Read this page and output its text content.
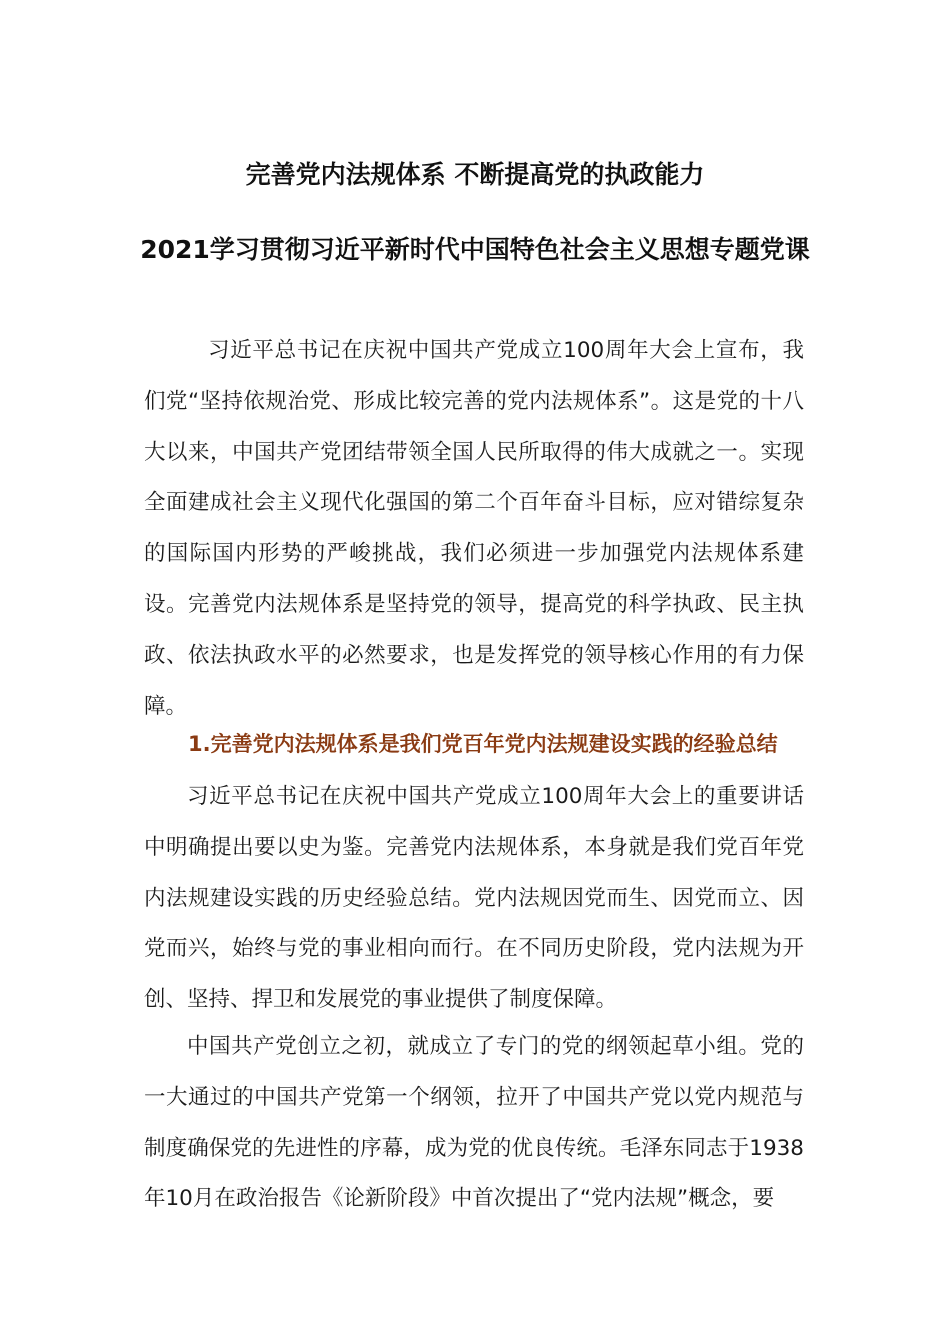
完善党内法规体系 不断提高党的执政能力
2021学习贯彻习近平新时代中国特色社会主义思想专题党课
习近平总书记在庆祝中国共产党成立100周年大会上宣布，我们党“坚持依规治党、形成比较完善的党内法规体系”。这是党的十八大以来，中国共产党团结带领全国人民所取得的伟大成就之一。实现全面建成社会主义现代化强国的第二个百年奋斗目标，应对错综复杂的国际国内形势的严峻挑战，我们必须进一步加强党内法规体系建设。完善党内法规体系是坚持党的领导，提高党的科学执政、民主执政、依法执政水平的必然要求，也是发挥党的领导核心作用的有力保障。
1.完善党内法规体系是我们党百年党内法规建设实践的经验总结
习近平总书记在庆祝中国共产党成立100周年大会上的重要讲话中明确提出要以史为鉴。完善党内法规体系，本身就是我们党百年党内法规建设实践的历史经验总结。党内法规因党而生、因党而立、因党而兴，始终与党的事业相向而行。在不同历史阶段，党内法规为开创、坚持、捍卫和发展党的事业提供了制度保障。
中国共产党创立之初，就成立了专门的党的纲领起草小组。党的一大通过的中国共产党第一个纲领，拉开了中国共产党以党内规范与制度确保党的先进性的序幕，成为党的优良传统。毛泽东同志于1938年10月在政治报告《论新阶段》中首次提出了“党内法规”概念，要
